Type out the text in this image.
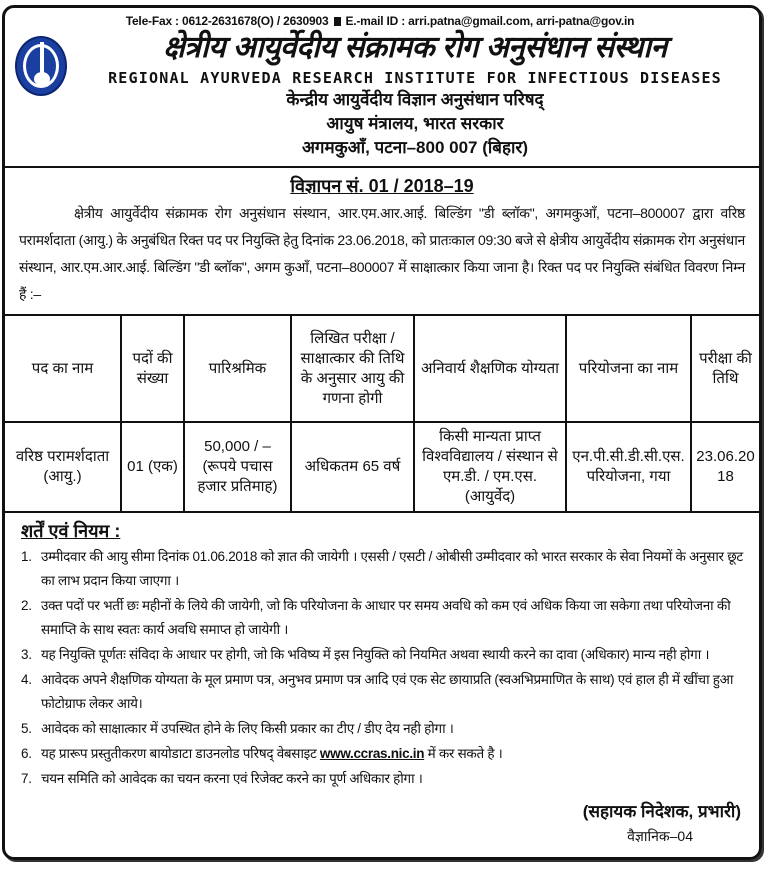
Tele-Fax : 0612-2631678(O) / 2630903 E.-mail ID : arri.patna@gmail.com, arri-patna@gov.in
क्षेत्रीय आयुर्वेदीय संक्रामक रोग अनुसंधान संस्थान
REGIONAL AYURVEDA RESEARCH INSTITUTE FOR INFECTIOUS DISEASES
केन्द्रीय आयुर्वेदीय विज्ञान अनुसंधान परिषद्
आयुष मंत्रालय, भारत सरकार
अगमकुआँ, पटना–800 007 (बिहार)
विज्ञापन सं. 01 / 2018–19
क्षेत्रीय आयुर्वेदीय संक्रामक रोग अनुसंधान संस्थान, आर.एम.आर.आई. बिल्डिंग "डी ब्लॉक", अगमकुआँ, पटना–800007 द्वारा वरिष्ठ परामर्शदाता (आयु.) के अनुबंधित रिक्त पद पर नियुक्ति हेतु दिनांक 23.06.2018, को प्रातःकाल 09:30 बजे से क्षेत्रीय आयुर्वेदीय संक्रामक रोग अनुसंधान संस्थान, आर.एम.आर.आई. बिल्डिंग "डी ब्लॉक", अगम कुआँ, पटना–800007 में साक्षात्कार किया जाना है। रिक्त पद पर नियुक्ति संबंधित विवरण निम्न हैं :–
पद का नाम	पदों की संख्या	पारिश्रमिक	लिखित परीक्षा / साक्षात्कार की तिथि के अनुसार आयु की गणना होगी	अनिवार्य शैक्षणिक योग्यता	परियोजना का नाम	परीक्षा की तिथि
वरिष्ठ परामर्शदाता (आयु.)	01 (एक)	50,000 / – (रूपये पचास हजार प्रतिमाह)	अधिकतम 65 वर्ष	किसी मान्यता प्राप्त विश्वविद्यालय / संस्थान से एम.डी. / एम.एस. (आयुर्वेद)	एन.पी.सी.डी.सी.एस. परियोजना, गया	23.06.2018
शर्तें एवं नियम :
1. उम्मीदवार की आयु सीमा दिनांक 01.06.2018 को ज्ञात की जायेगी । एससी / एसटी / ओबीसी उम्मीदवार को भारत सरकार के सेवा नियमों के अनुसार छूट का लाभ प्रदान किया जाएगा ।
2. उक्त पदों पर भर्ती छः महीनों के लिये की जायेगी, जो कि परियोजना के आधार पर समय अवधि को कम एवं अधिक किया जा सकेगा तथा परियोजना की समाप्ति के साथ स्वतः कार्य अवधि समाप्त हो जायेगी ।
3. यह नियुक्ति पूर्णतः संविदा के आधार पर होगी, जो कि भविष्य में इस नियुक्ति को नियमित अथवा स्थायी करने का दावा (अधिकार) मान्य नही होगा ।
4. आवेदक अपने शैक्षणिक योग्यता के मूल प्रमाण पत्र, अनुभव प्रमाण पत्र आदि एवं एक सेट छायाप्रति (स्वअभिप्रमाणित के साथ) एवं हाल ही में खींचा हुआ फोटोग्राफ लेकर आये।
5. आवेदक को साक्षात्कार में उपस्थित होने के लिए किसी प्रकार का टीए / डीए देय नही होगा ।
6. यह प्रारूप प्रस्तुतीकरण बायोडाटा डाउनलोड परिषद् वेबसाइट www.ccras.nic.in में कर सकते है ।
7. चयन समिति को आवेदक का चयन करना एवं रिजेक्ट करने का पूर्ण अधिकार होगा ।
(सहायक निदेशक, प्रभारी)
वैज्ञानिक–04
